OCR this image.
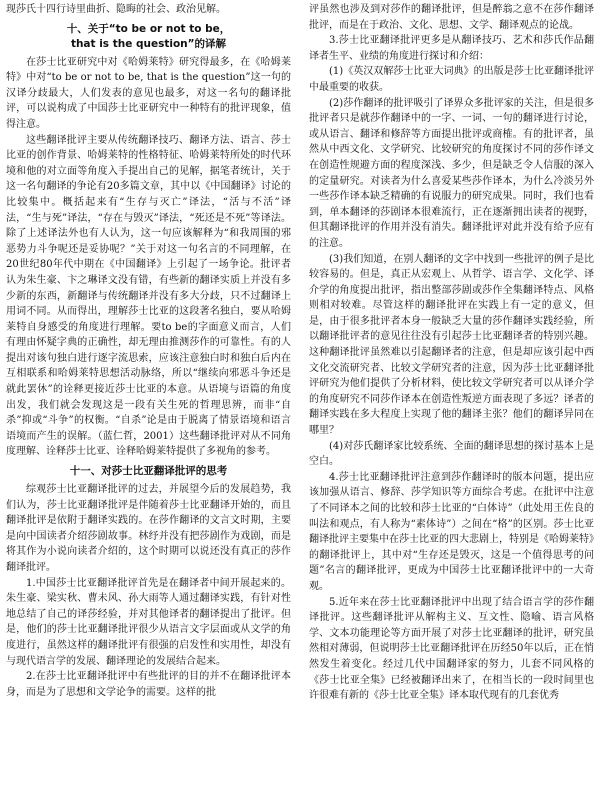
现莎氏十四行诗里曲折、隐晦的社会、政治见解。

十、关于“to be or not to be，
that is the question”的译解

在莎士比亚研究中对《哈姆莱特》研究得最多，在《哈姆莱特》中对“to be or not to be, that is the question”这一句的汉译分歧最大，人们发表的意见也最多，对这一名句的翻译批评，可以说构成了中国莎士比亚研究中一种特有的批评现象，值得注意。

这些翻译批评主要从传统翻译技巧、翻译方法、语言、莎士比亚的创作背景、哈姆莱特的性格特征、哈姆莱特所处的时代环境和他的对立面等角度入手提出自己的见解，据笔者统计，关于这一名句翻译的争论有20多篇文章，其中以《中国翻译》讨论的比较集中。概括起来有“生存与灭亡”译法，“活与不活”译法，“生与死”译法，“存在与毁灭”译法，“死还是不死”等译法。除了上述译法外也有人认为，这一句应该解释为“和我周围的邪恶势力斗争呢还是妥协呢？”关于对这一句名言的不同理解，在20世纪80年代中期在《中国翻译》上引起了一场争论。批评者认为朱生豪、卞之琳译文没有错，有些新的翻译实质上并没有多少新的东西，新翻译与传统翻译并没有多大分歧，只不过翻译上用词不同。从而得出，理解莎士比亚的这段著名独白，要从哈姆莱特自身感受的角度进行理解。要to be的字面意义而言，人们有理由怀疑字典的正确性，却无理由推测莎作的可靠性。有的人提出对该句独白进行逐字流思索，应该注意独白时和独白后内在互相联系和哈姆莱特思想活动脉络，所以“继续向邪恶斗争还是就此罢休”的诠释更接近莎士比亚的本意。从语境与语篇的角度出发，我们就会发现这是一段有关生死的哲理思辨，而非“自杀”抑或“斗争”的权衡。“自杀”论是由于脱离了情景语境和语言语境而产生的误解。（蓝仁哲，2001）这些翻译批评对从不同角度理解、诠释莎士比亚、诠释哈姆莱特提供了多视角的参考。

十一、对莎士比亚翻译批评的思考

综观莎士比亚翻译批评的过去，并展望今后的发展趋势，我们认为，莎士比亚翻译批评是伴随着莎士比亚翻译开始的，而且翻译批评是依附于翻译实践的。在莎作翻译的文言文时期，主要是向中国读者介绍莎剧故事。林纾并没有把莎剧作为戏剧，而是将其作为小说向读者介绍的，这个时期可以说还没有真正的莎作翻译批评。

1.中国莎士比亚翻译批评首先是在翻译者中间开展起来的。朱生豪、梁实秋、曹未风、孙大雨等人通过翻译实践，有针对性地总结了自己的译莎经验，并对其他译者的翻译提出了批评。但是，他们的莎士比亚翻译批评很少从语言文字层面或从文学的角度进行，虽然这样的翻译批评有很强的启发性和实用性，却没有与现代语言学的发展、翻译理论的发展结合起来。

2.在莎士比亚翻译批评中有些批评的目的并不在翻译批评本身，而是为了思想和文学论争的需要。这样的批

评虽然也涉及到对莎作的翻译批评，但是醉翁之意不在莎作翻译批评，而是在于政治、文化、思想、文学、翻译观点的论战。

3.莎士比亚翻译批评更多是从翻译技巧、艺术和莎氏作品翻译者生平、业绩的角度进行探讨和介绍：

(1)《英汉双解莎士比亚大词典》的出版是莎士比亚翻译批评中最重要的收获。

(2)莎作翻译的批评吸引了译界众多批评家的关注，但是很多批评者只是就莎作翻译中的一字、一词、一句的翻译进行讨论，或从语言、翻译和修辞等方面提出批评或商榷。有的批评者，虽然从中西文化、文学研究、比较研究的角度探讨不同的莎作译文在创造性规避方面的程度深浅、多少，但是缺乏令人信服的深入的定量研究。对读者为什么喜爱某些莎作译本，为什么冷淡另外一些莎作译本缺乏精确的有说服力的研究成果。同时，我们也看到，单本翻译的莎剧译本很难流行，正在逐渐拥出读者的视野，但其翻译批评的作用并没有消失。翻译批评对此并没有给予应有的注意。

(3)我们知道，在别人翻译的文字中找到一些批评的例子是比较容易的。但是，真正从宏观上、从哲学、语言学、文化学、译介学的角度提出批评，指出整部莎剧或莎作全集翻译特点、风格则相对较难。尽管这样的翻译批评在实践上有一定的意义，但是，由于很多批评者本身一般缺乏大量的莎作翻译实践经验，所以翻译批评者的意见往往没有引起莎士比亚翻译者的特别兴趣。这种翻译批评虽然难以引起翻译者的注意，但是却应该引起中西文化交流研究者、比较文学研究者的注意，因为莎士比亚翻译批评研究为他们提供了分析材料，使比较文学研究者可以从译介学的角度研究不同莎作译本在创造性叛逆方面表现了多远？译者的翻译实践在多大程度上实现了他的翻译主张？他们的翻译异同在哪里？

(4)对莎氏翻译家比较系统、全面的翻译思想的探讨基本上是空白。

4.莎士比亚翻译批评注意到莎作翻译时的版本问题，提出应该加强从语言、修辞、莎学知识等方面综合考虑。在批评中注意了不同译本之间的比较和莎士比亚的“白体诗”（此处用王佐良的叫法和观点，有人称为“素体诗”）之间在“格”的区别。莎士比亚翻译批评主要集中在莎士比亚的四大悲剧上，特别是《哈姆莱特》的翻译批评上，其中对“生存还是毁灭，这是一个值得思考的问题”名言的翻译批评，更成为中国莎士比亚翻译批评中的一大奇观。

5.近年来在莎士比亚翻译批评中出现了结合语言学的莎作翻译批评。这些翻译批评从解构主义、互文性、隐喻、语言风格学、文本功能理论等方面开展了对莎士比亚翻译的批评，研究虽然相对薄弱，但说明莎士比亚翻译批评在历经50年以后，正在悄然发生着变化。经过几代中国翻译家的努力，儿套不同风格的《莎士比亚全集》已经被翻译出来了，在相当长的一段时间里也许很难有新的《莎士比亚全集》译本取代现有的几套优秀
